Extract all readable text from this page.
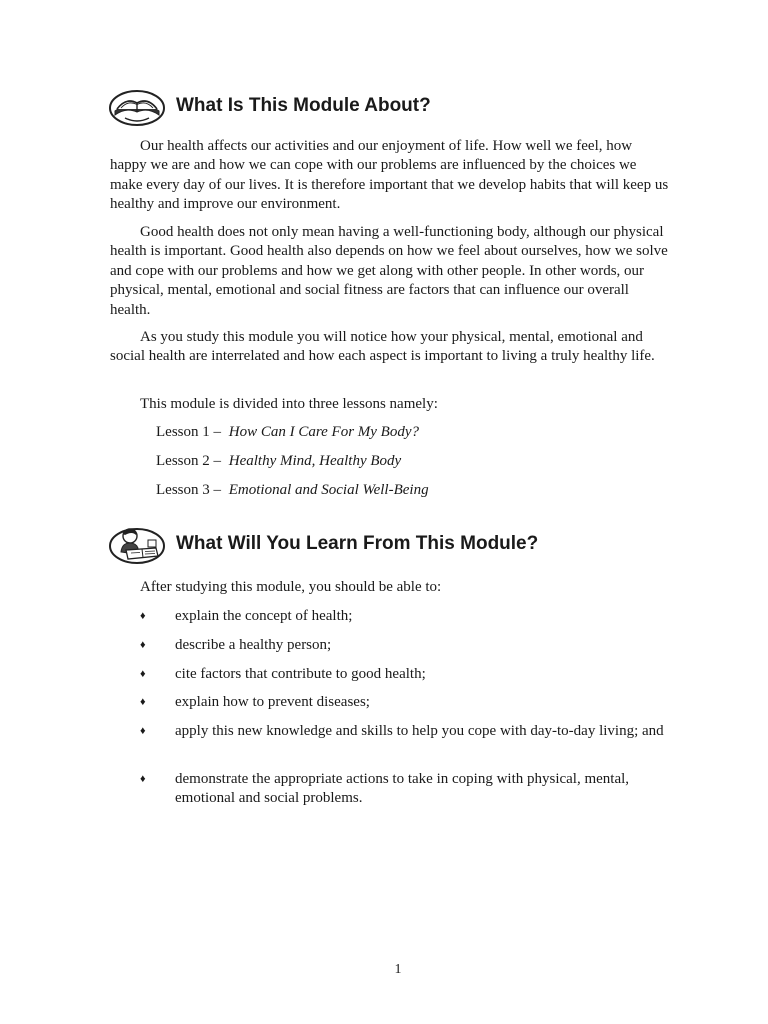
What Is This Module About?

Our health affects our activities and our enjoyment of life. How well we feel, how happy we are and how we can cope with our problems are influenced by the choices we make every day of our lives. It is therefore important that we develop habits that will keep us healthy and improve our environment.

Good health does not only mean having a well-functioning body, although our physical health is important. Good health also depends on how we feel about ourselves, how we solve and cope with our problems and how we get along with other people. In other words, our physical, mental, emotional and social fitness are factors that can influence our overall health.

As you study this module you will notice how your physical, mental, emotional and social health are interrelated and how each aspect is important to living a truly healthy life.

This module is divided into three lessons namely:

Lesson 1 – How Can I Care For My Body?
Lesson 2 – Healthy Mind, Healthy Body
Lesson 3 – Emotional and Social Well-Being
What Will You Learn From This Module?
After studying this module, you should be able to:
♦	explain the concept of health;
♦	describe a healthy person;
♦	cite factors that contribute to good health;
♦	explain how to prevent diseases;
♦	apply this new knowledge and skills to help you cope with day-to-day living; and
♦	demonstrate the appropriate actions to take in coping with physical, mental, emotional and social problems.
1
